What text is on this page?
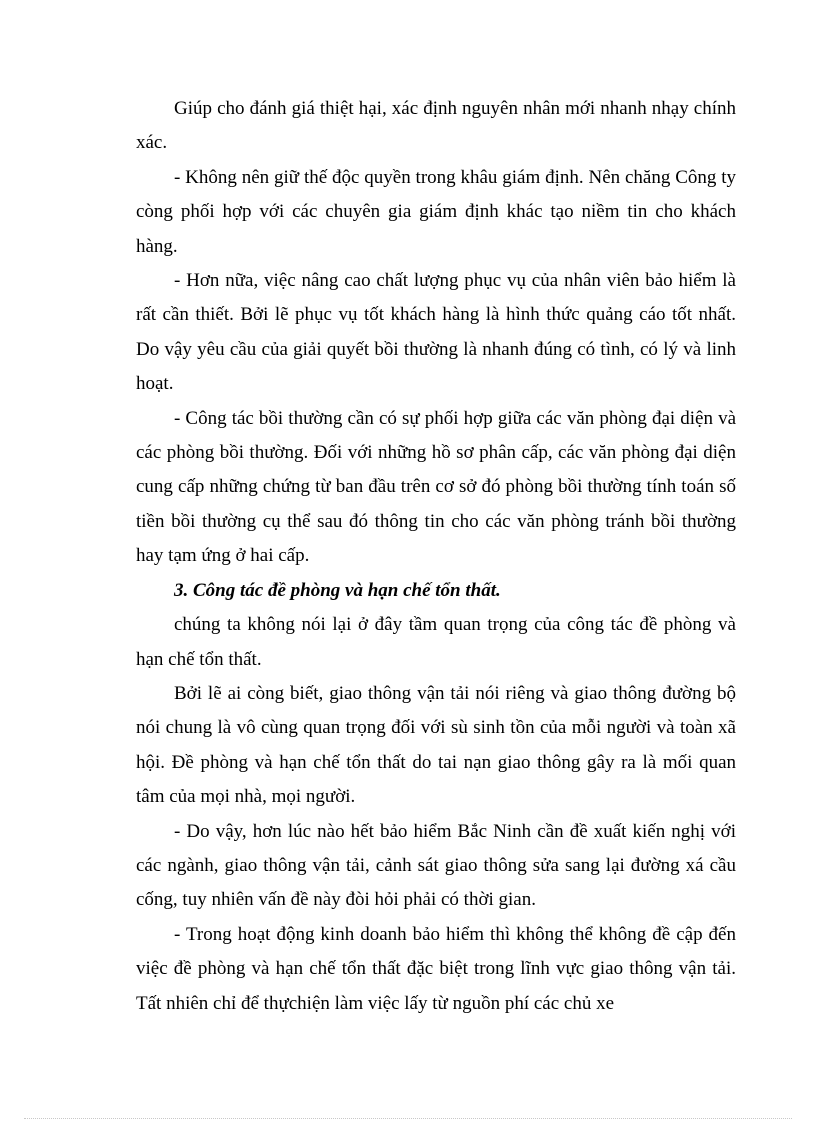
Giúp cho đánh giá thiệt hại, xác định nguyên nhân mới nhanh nhạy chính xác.

- Không nên giữ thế độc quyền trong khâu giám định. Nên chăng Công ty còng phối hợp với các chuyên gia giám định khác tạo niềm tin cho khách hàng.

- Hơn nữa, việc nâng cao chất lượng phục vụ của nhân viên bảo hiểm là rất cần thiết. Bởi lẽ phục vụ tốt khách hàng là hình thức quảng cáo tốt nhất. Do vậy yêu cầu của giải quyết bồi thường là nhanh đúng có tình, có lý và linh hoạt.

- Công tác bồi thường cần có sự phối hợp giữa các văn phòng đại diện và các phòng bồi thường. Đối với những hồ sơ phân cấp, các văn phòng đại diện cung cấp những chứng từ ban đầu trên cơ sở đó phòng bồi thường tính toán số tiền bồi thường cụ thể sau đó thông tin cho các văn phòng tránh bồi thường hay tạm ứng ở hai cấp.

3. Công tác đề phòng và hạn chế tổn thất.

chúng ta không nói lại ở đây tầm quan trọng của công tác đề phòng và hạn chế tổn thất.

Bởi lẽ ai còng biết, giao thông vận tải nói riêng và giao thông đường bộ nói chung là vô cùng quan trọng đối với sù sinh tồn của mỗi người và toàn xã hội. Đề phòng và hạn chế tổn thất do tai nạn giao thông gây ra là mối quan tâm của mọi nhà, mọi người.

- Do vậy, hơn lúc nào hết bảo hiểm Bắc Ninh cần đề xuất kiến nghị với các ngành, giao thông vận tải, cảnh sát giao thông sửa sang lại đường xá cầu cống, tuy nhiên vấn đề này đòi hỏi phải có thời gian.

- Trong hoạt động kinh doanh bảo hiểm thì không thể không đề cập đến việc đề phòng và hạn chế tổn thất đặc biệt trong lĩnh vực giao thông vận tải. Tất nhiên chỉ để thựchiện làm việc lấy từ nguồn phí các chủ xe
